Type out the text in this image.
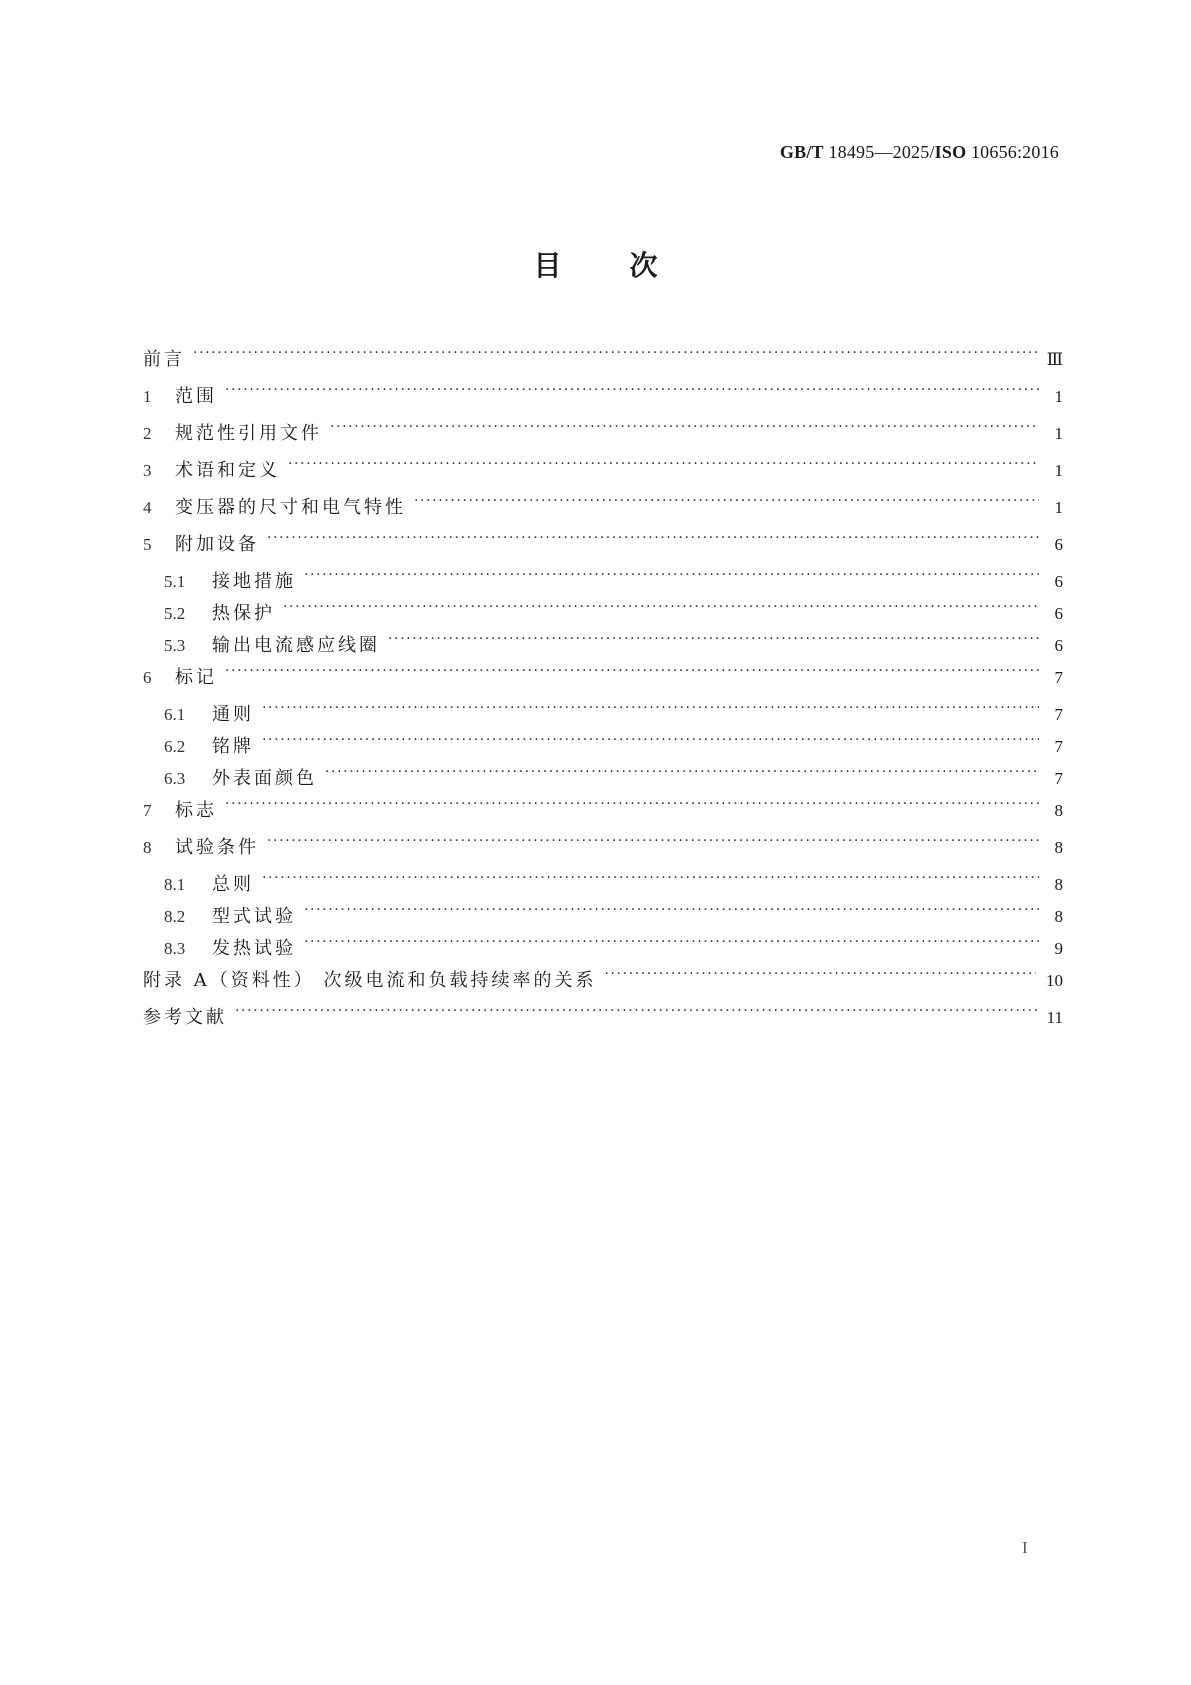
GB/T 18495—2025/ISO 10656:2016
目 次
前言 .....	Ⅲ
1	范围 .....	1
2	规范性引用文件 .....	1
3	术语和定义 .....	1
4	变压器的尺寸和电气特性 .....	1
5	附加设备 .....	6
5.1	接地措施 .....	6
5.2	热保护 .....	6
5.3	输出电流感应线圈 .....	6
6	标记 .....	7
6.1	通则 .....	7
6.2	铭牌 .....	7
6.3	外表面颜色 .....	7
7	标志 .....	8
8	试验条件 .....	8
8.1	总则 .....	8
8.2	型式试验 .....	8
8.3	发热试验 .....	9
附录 A（资料性） 次级电流和负载持续率的关系 .....	10
参考文献 .....	11
I
